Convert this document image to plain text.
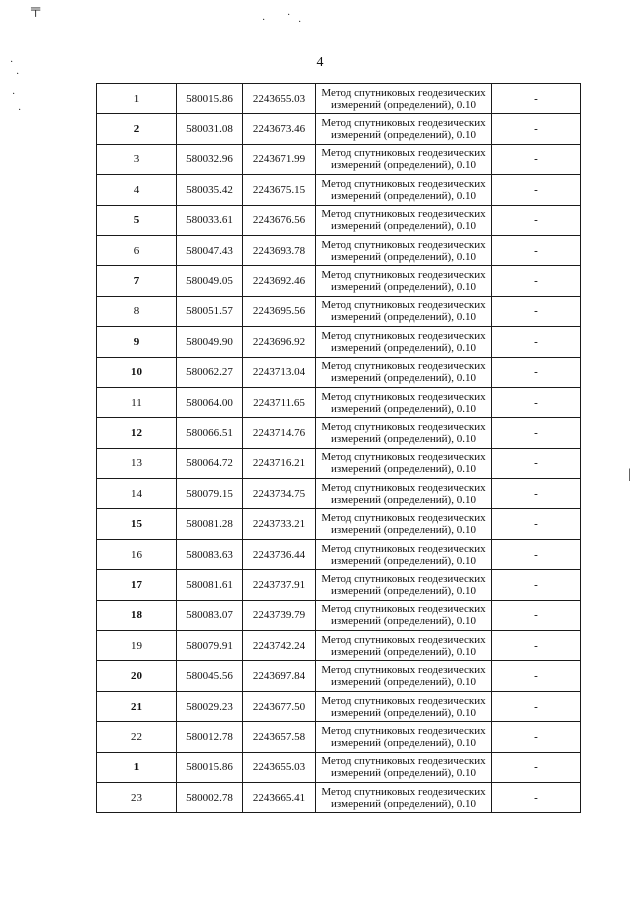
╤
· ·
·
·
·
·
·
|
4
1	580015.86	2243655.03	Метод спутниковых геодезических
измерений (определений), 0.10	-
2	580031.08	2243673.46	Метод спутниковых геодезических
измерений (определений), 0.10	-
3	580032.96	2243671.99	Метод спутниковых геодезических
измерений (определений), 0.10	-
4	580035.42	2243675.15	Метод спутниковых геодезических
измерений (определений), 0.10	-
5	580033.61	2243676.56	Метод спутниковых геодезических
измерений (определений), 0.10	-
6	580047.43	2243693.78	Метод спутниковых геодезических
измерений (определений), 0.10	-
7	580049.05	2243692.46	Метод спутниковых геодезических
измерений (определений), 0.10	-
8	580051.57	2243695.56	Метод спутниковых геодезических
измерений (определений), 0.10	-
9	580049.90	2243696.92	Метод спутниковых геодезических
измерений (определений), 0.10	-
10	580062.27	2243713.04	Метод спутниковых геодезических
измерений (определений), 0.10	-
11	580064.00	2243711.65	Метод спутниковых геодезических
измерений (определений), 0.10	-
12	580066.51	2243714.76	Метод спутниковых геодезических
измерений (определений), 0.10	-
13	580064.72	2243716.21	Метод спутниковых геодезических
измерений (определений), 0.10	-
14	580079.15	2243734.75	Метод спутниковых геодезических
измерений (определений), 0.10	-
15	580081.28	2243733.21	Метод спутниковых геодезических
измерений (определений), 0.10	-
16	580083.63	2243736.44	Метод спутниковых геодезических
измерений (определений), 0.10	-
17	580081.61	2243737.91	Метод спутниковых геодезических
измерений (определений), 0.10	-
18	580083.07	2243739.79	Метод спутниковых геодезических
измерений (определений), 0.10	-
19	580079.91	2243742.24	Метод спутниковых геодезических
измерений (определений), 0.10	-
20	580045.56	2243697.84	Метод спутниковых геодезических
измерений (определений), 0.10	-
21	580029.23	2243677.50	Метод спутниковых геодезических
измерений (определений), 0.10	-
22	580012.78	2243657.58	Метод спутниковых геодезических
измерений (определений), 0.10	-
1	580015.86	2243655.03	Метод спутниковых геодезических
измерений (определений), 0.10	-
23	580002.78	2243665.41	Метод спутниковых геодезических
измерений (определений), 0.10	-
